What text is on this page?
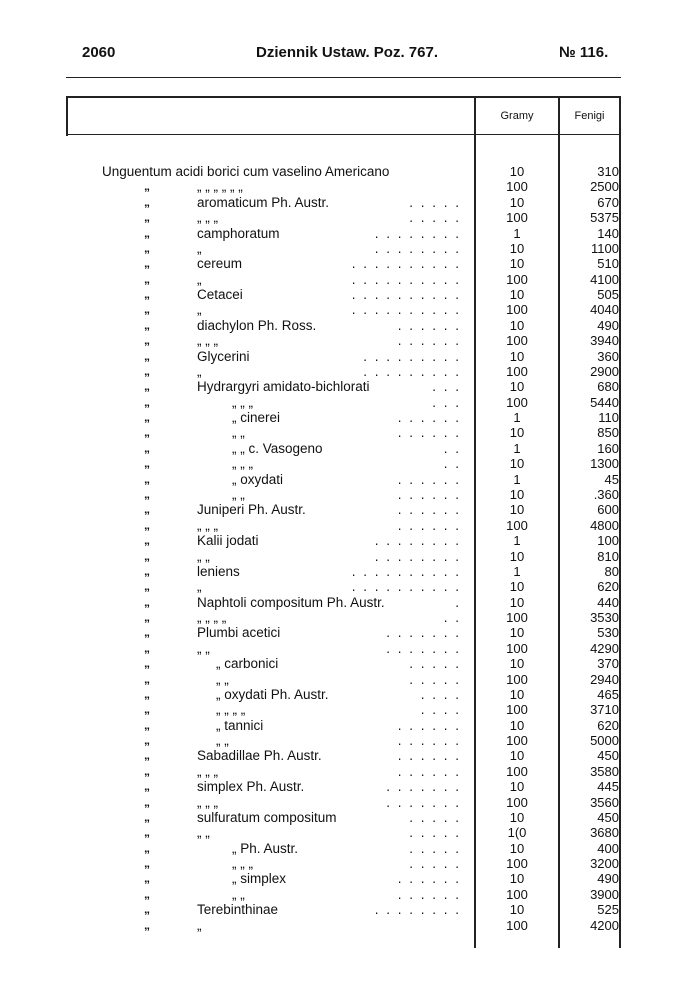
2060	Dziennik Ustaw. Poz. 767.	№ 116.
Gramy	Fenigi
Unguentum acidi borici cum vaselino Americano	10	310
„	„ „ „ „ „ „	100	2500
„	aromaticum Ph. Austr.	. . . . .	10	670
„	„ „ „	. . . . .	100	5375
„	camphoratum	. . . . . . . .	1	140
„	„	. . . . . . . .	10	1100
„	cereum	. . . . . . . . . .	10	510
„	„	. . . . . . . . . .	100	4100
„	Cetacei	. . . . . . . . . .	10	505
„	„	. . . . . . . . . .	100	4040
„	diachylon Ph. Ross.	. . . . . .	10	490
„	„ „ „	. . . . . .	100	3940
„	Glycerini	. . . . . . . . .	10	360
„	„	. . . . . . . . .	100	2900
„	Hydrargyri amidato-bichlorati	. . .	10	680
„	„ „ „	. . .	100	5440
„	„ cinerei	. . . . . .	1	110
„	„ „	. . . . . .	10	850
„	„ „ c. Vasogeno	. .	1	160
„	„ „ „	. .	10	1300
„	„ oxydati	. . . . . .	1	45
„	„ „	. . . . . .	10	.360
„	Juniperi Ph. Austr.	. . . . . .	10	600
„	„ „ „	. . . . . .	100	4800
„	Kalii jodati	. . . . . . . .	1	100
„	„ „	. . . . . . . .	10	810
„	leniens	. . . . . . . . . .	1	80
„	„	. . . . . . . . . .	10	620
„	Naphtoli compositum Ph. Austr.	.	10	440
„	„ „ „ „	. .	100	3530
„	Plumbi acetici	. . . . . . .	10	530
„	„ „	. . . . . . .	100	4290
„	„ carbonici	. . . . .	10	370
„	„ „	. . . . .	100	2940
„	„ oxydati Ph. Austr.	. . . .	10	465
„	„ „ „ „	. . . .	100	3710
„	„ tannici	. . . . . .	10	620
„	„ „	. . . . . .	100	5000
„	Sabadillae Ph. Austr.	. . . . . .	10	450
„	„ „ „	. . . . . .	100	3580
„	simplex Ph. Austr.	. . . . . . .	10	445
„	„ „ „	. . . . . . .	100	3560
„	sulfuratum compositum	. . . . .	10	450
„	„ „	. . . . .	1(0	3680
„	„ Ph. Austr.	. . . . .	10	400
„	„ „ „	. . . . .	100	3200
„	„ simplex	. . . . . .	10	490
„	„ „	. . . . . .	100	3900
„	Terebinthinae	. . . . . . . .	10	525
„	„	100	4200
